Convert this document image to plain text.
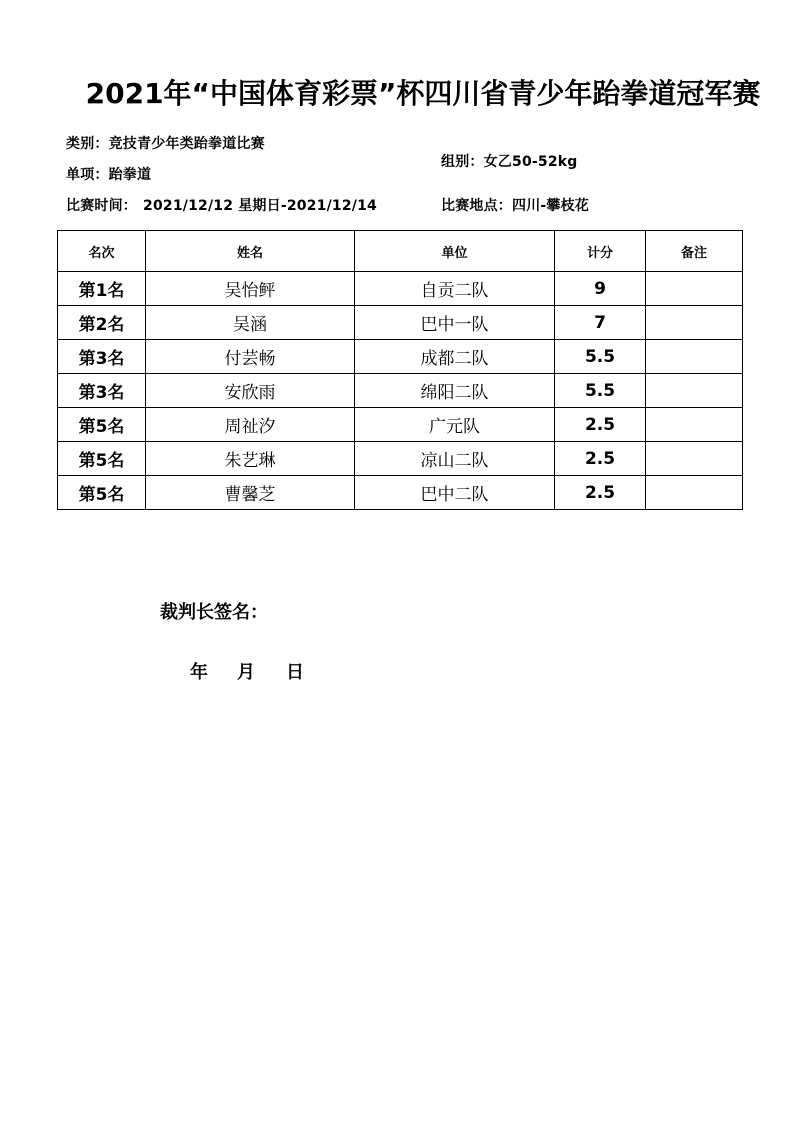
2021年“中国体育彩票”杯四川省青少年跆拳道冠军赛
类别：竞技青少年类跆拳道比赛
单项：跆拳道
组别：女乙50-52kg
比赛时间： 2021/12/12 星期日-2021/12/14	比赛地点：四川-攀枝花
名次	姓名	单位	计分	备注
第1名	吴怡鲆	自贡二队	9	
第2名	吴涵	巴中一队	7	
第3名	付芸畅	成都二队	5.5	
第3名	安欣雨	绵阳二队	5.5	
第5名	周祉汐	广元队	2.5	
第5名	朱艺琳	凉山二队	2.5	
第5名	曹馨芝	巴中二队	2.5	
裁判长签名：
年 月 日
